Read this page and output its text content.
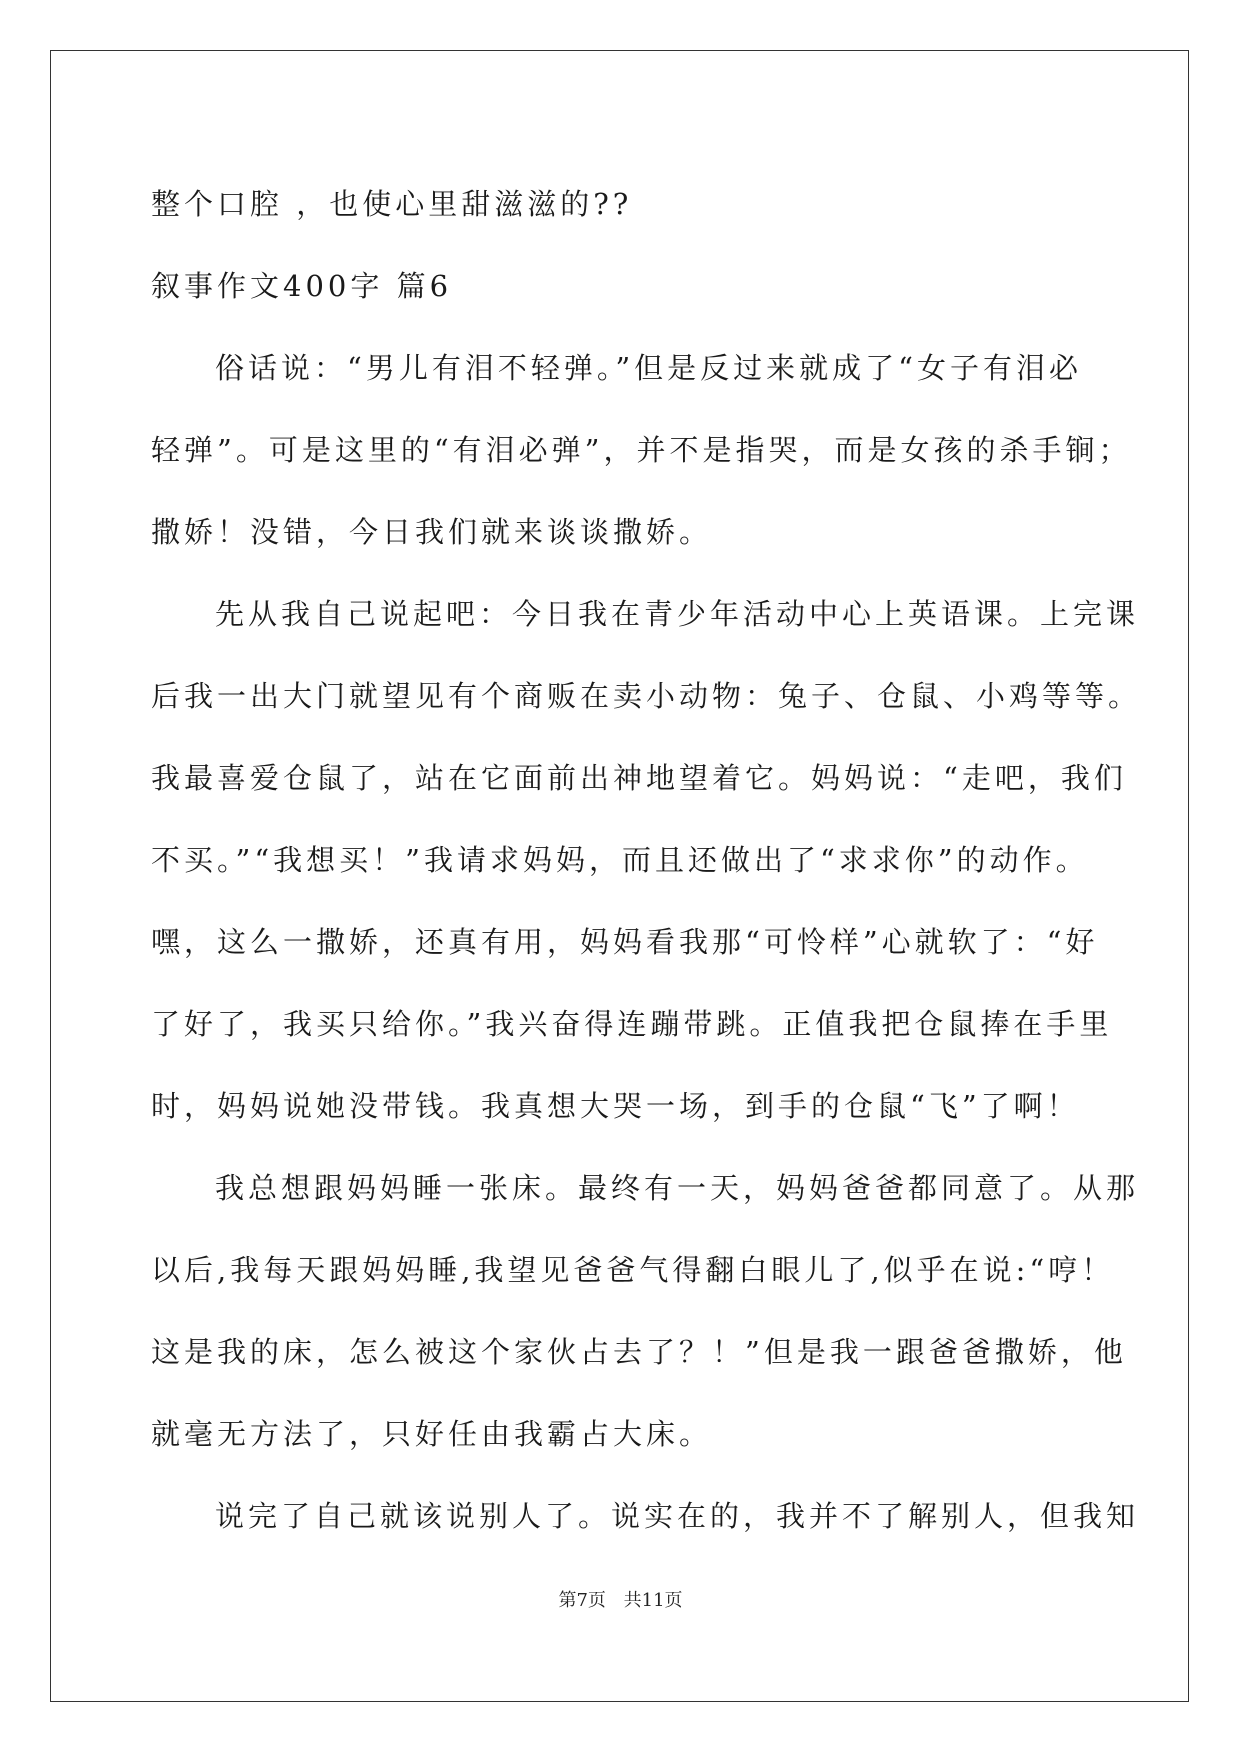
整个口腔 ，也使心里甜滋滋的??
叙事作文400字 篇6
俗话说：“男儿有泪不轻弹。”但是反过来就成了“女子有泪必
轻弹”。可是这里的“有泪必弹”，并不是指哭，而是女孩的杀手锏；
撒娇！没错，今日我们就来谈谈撒娇。
先从我自己说起吧：今日我在青少年活动中心上英语课。上完课
后我一出大门就望见有个商贩在卖小动物：兔子、仓鼠、小鸡等等。
我最喜爱仓鼠了，站在它面前出神地望着它。妈妈说：“走吧，我们
不买。”“我想买！”我请求妈妈，而且还做出了“求求你”的动作。
嘿，这么一撒娇，还真有用，妈妈看我那“可怜样”心就软了：“好
了好了，我买只给你。”我兴奋得连蹦带跳。正值我把仓鼠捧在手里
时，妈妈说她没带钱。我真想大哭一场，到手的仓鼠“飞”了啊！
我总想跟妈妈睡一张床。最终有一天，妈妈爸爸都同意了。从那
以后,我每天跟妈妈睡,我望见爸爸气得翻白眼儿了,似乎在说:“哼！
这是我的床，怎么被这个家伙占去了？！”但是我一跟爸爸撒娇，他
就毫无方法了，只好任由我霸占大床。
说完了自己就该说别人了。说实在的，我并不了解别人，但我知
第7页 共11页
